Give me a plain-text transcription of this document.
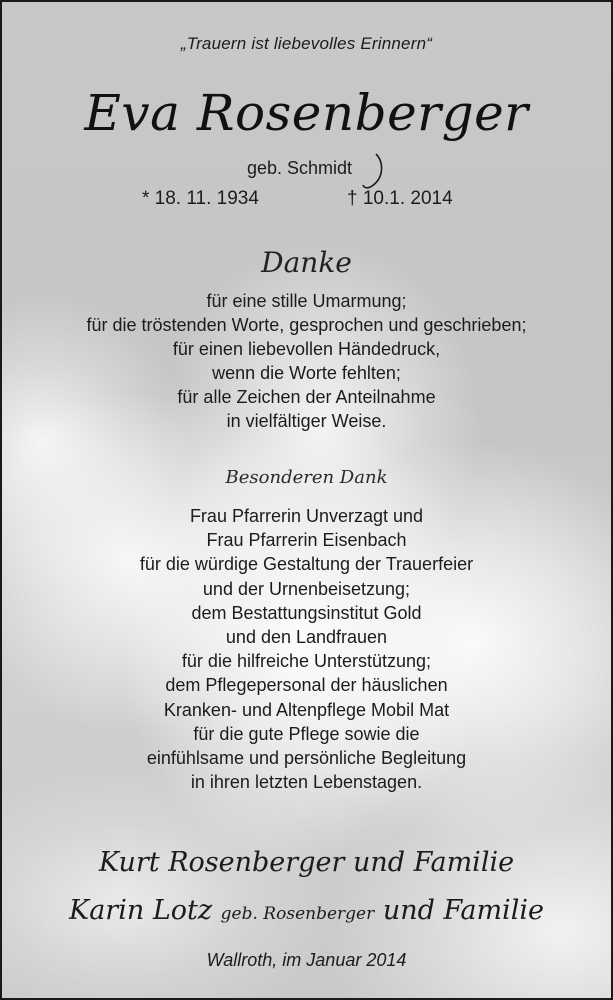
„Trauern ist liebevolles Erinnern“
Eva Rosenberger
geb. Schmidt
* 18. 11. 1934	† 10.1. 2014
Danke
für eine stille Umarmung;
für die tröstenden Worte, gesprochen und geschrieben;
für einen liebevollen Händedruck,
wenn die Worte fehlten;
für alle Zeichen der Anteilnahme
in vielfältiger Weise.
Besonderen Dank
Frau Pfarrerin Unverzagt und
Frau Pfarrerin Eisenbach
für die würdige Gestaltung der Trauerfeier
und der Urnenbeisetzung;
dem Bestattungsinstitut Gold
und den Landfrauen
für die hilfreiche Unterstützung;
dem Pflegepersonal der häuslichen
Kranken- und Altenpflege Mobil Mat
für die gute Pflege sowie die
einfühlsame und persönliche Begleitung
in ihren letzten Lebenstagen.
Kurt Rosenberger und Familie
Karin Lotz geb. Rosenberger und Familie
Wallroth, im Januar 2014
